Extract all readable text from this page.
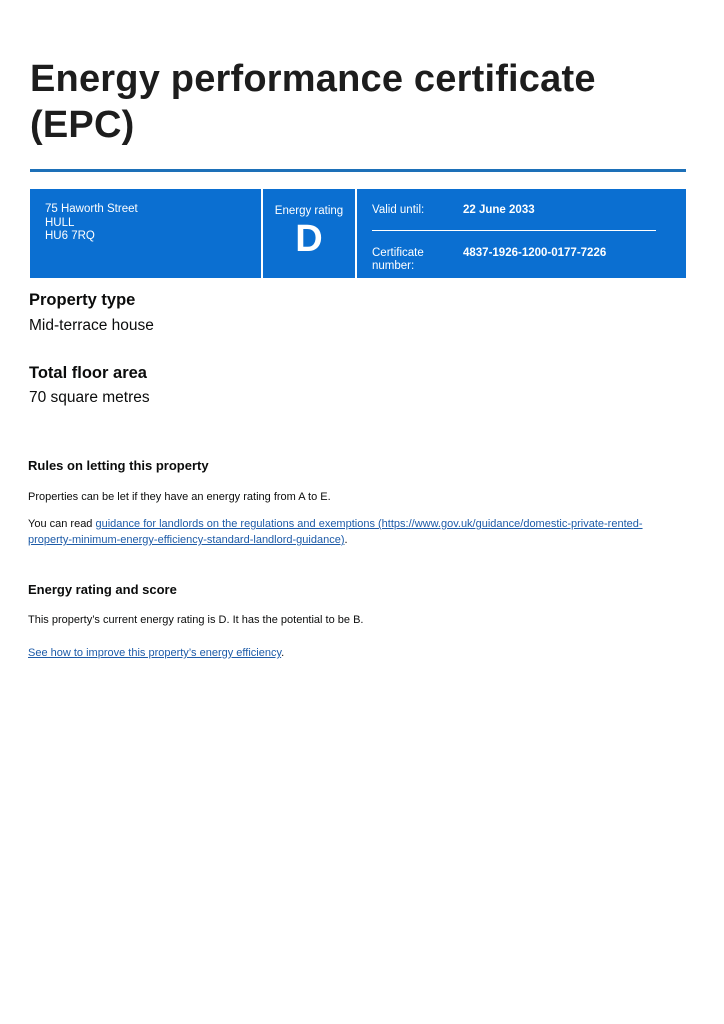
Energy performance certificate (EPC)
75 Haworth Street
HULL
HU6 7RQ
Energy rating
D
Valid until:	22 June 2033
Certificate number:
4837-1926-1200-0177-7226
Property type

Mid-terrace house

Total floor area

70 square metres

Rules on letting this property

Properties can be let if they have an energy rating from A to E.

You can read guidance for landlords on the regulations and exemptions (https://www.gov.uk/guidance/domestic-private-rented-property-minimum-energy-efficiency-standard-landlord-guidance).

Energy rating and score

This property’s current energy rating is D. It has the potential to be B.

See how to improve this property’s energy efficiency.
